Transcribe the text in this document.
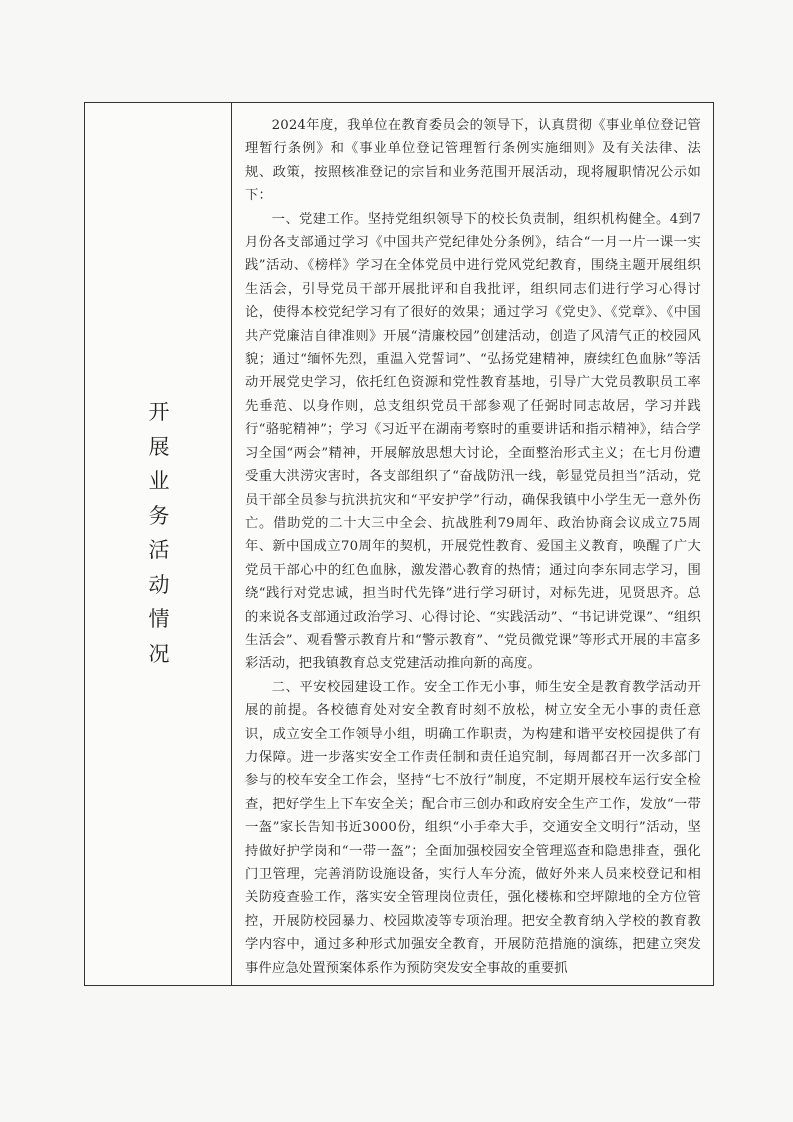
开
展
业
务
活
动
情
况

2024年度，我单位在教育委员会的领导下，认真贯彻《事业单位登记管理暂行条例》和《事业单位登记管理暂行条例实施细则》及有关法律、法规、政策，按照核准登记的宗旨和业务范围开展活动，现将履职情况公示如下：

一、党建工作。坚持党组织领导下的校长负责制，组织机构健全。4到7月份各支部通过学习《中国共产党纪律处分条例》，结合“一月一片一课一实践”活动、《榜样》学习在全体党员中进行党风党纪教育，围绕主题开展组织生活会，引导党员干部开展批评和自我批评，组织同志们进行学习心得讨论，使得本校党纪学习有了很好的效果；通过学习《党史》、《党章》、《中国共产党廉洁自律准则》开展“清廉校园”创建活动，创造了风清气正的校园风貌；通过“缅怀先烈，重温入党誓词”、“弘扬党建精神，赓续红色血脉”等活动开展党史学习，依托红色资源和党性教育基地，引导广大党员教职员工率先垂范、以身作则，总支组织党员干部参观了任弼时同志故居，学习并践行“骆驼精神”；学习《习近平在湖南考察时的重要讲话和指示精神》，结合学习全国“两会”精神，开展解放思想大讨论，全面整治形式主义；在七月份遭受重大洪涝灾害时，各支部组织了“奋战防汛一线，彰显党员担当”活动，党员干部全员参与抗洪抗灾和“平安护学”行动，确保我镇中小学生无一意外伤亡。借助党的二十大三中全会、抗战胜利79周年、政治协商会议成立75周年、新中国成立70周年的契机，开展党性教育、爱国主义教育，唤醒了广大党员干部心中的红色血脉，激发潜心教育的热情；通过向李东同志学习，围绕“践行对党忠诚，担当时代先锋”进行学习研讨，对标先进，见贤思齐。总的来说各支部通过政治学习、心得讨论、“实践活动”、“书记讲党课”、“组织生活会”、观看警示教育片和“警示教育”、“党员微党课”等形式开展的丰富多彩活动，把我镇教育总支党建活动推向新的高度。

二、平安校园建设工作。安全工作无小事，师生安全是教育教学活动开展的前提。各校德育处对安全教育时刻不放松，树立安全无小事的责任意识，成立安全工作领导小组，明确工作职责，为构建和谐平安校园提供了有力保障。进一步落实安全工作责任制和责任追究制，每周都召开一次多部门参与的校车安全工作会，坚持“七不放行”制度，不定期开展校车运行安全检查，把好学生上下车安全关；配合市三创办和政府安全生产工作，发放“一带一盔”家长告知书近3000份，组织“小手牵大手，交通安全文明行”活动，坚持做好护学岗和“一带一盔”；全面加强校园安全管理巡查和隐患排查，强化门卫管理，完善消防设施设备，实行人车分流，做好外来人员来校登记和相关防疫查验工作，落实安全管理岗位责任，强化楼栋和空坪隙地的全方位管控，开展防校园暴力、校园欺凌等专项治理。把安全教育纳入学校的教育教学内容中，通过多种形式加强安全教育，开展防范措施的演练，把建立突发事件应急处置预案体系作为预防突发安全事故的重要抓
